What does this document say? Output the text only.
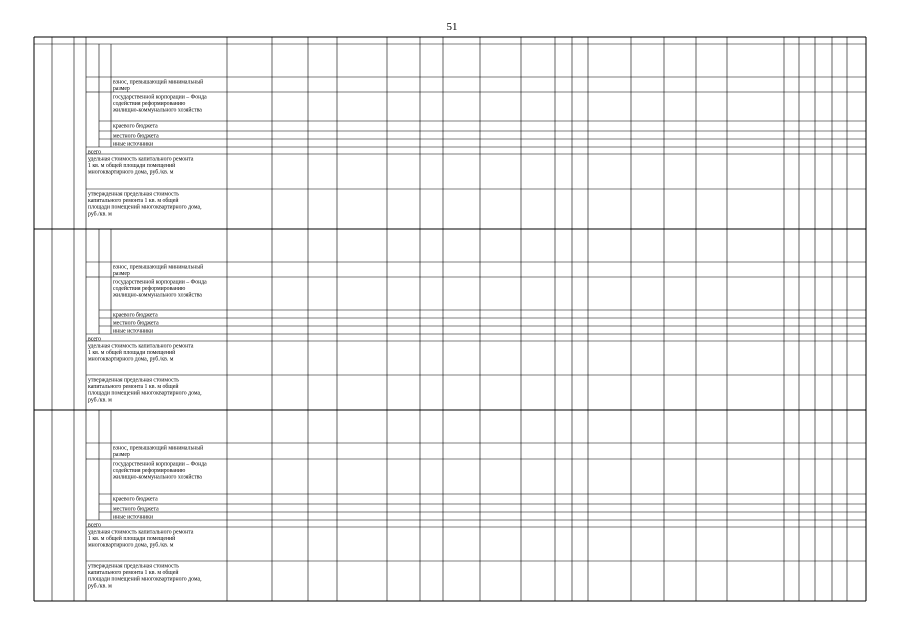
51
взнос, превышающий минимальный размер
государственной корпорации – Фонда содействия реформированию жилищно-коммунального хозяйства
краевого бюджета
местного бюджета
иные источники
всего
удельная стоимость капитального ремонта 1 кв. м общей площади помещений многоквартирного дома, руб./кв. м
утвержденная предельная стоимость капитального ремонта 1 кв. м общей площади помещений многоквартирного дома, руб./кв. м
взнос, превышающий минимальный размер
государственной корпорации – Фонда содействия реформированию жилищно-коммунального хозяйства
краевого бюджета
местного бюджета
иные источники
всего
удельная стоимость капитального ремонта 1 кв. м общей площади помещений многоквартирного дома, руб./кв. м
утвержденная предельная стоимость капитального ремонта 1 кв. м общей площади помещений многоквартирного дома, руб./кв. м
взнос, превышающий минимальный размер
государственной корпорации – Фонда содействия реформированию жилищно-коммунального хозяйства
краевого бюджета
местного бюджета
иные источники
всего
удельная стоимость капитального ремонта 1 кв. м общей площади помещений многоквартирного дома, руб./кв. м
утвержденная предельная стоимость капитального ремонта 1 кв. м общей площади помещений многоквартирного дома, руб./кв. м
